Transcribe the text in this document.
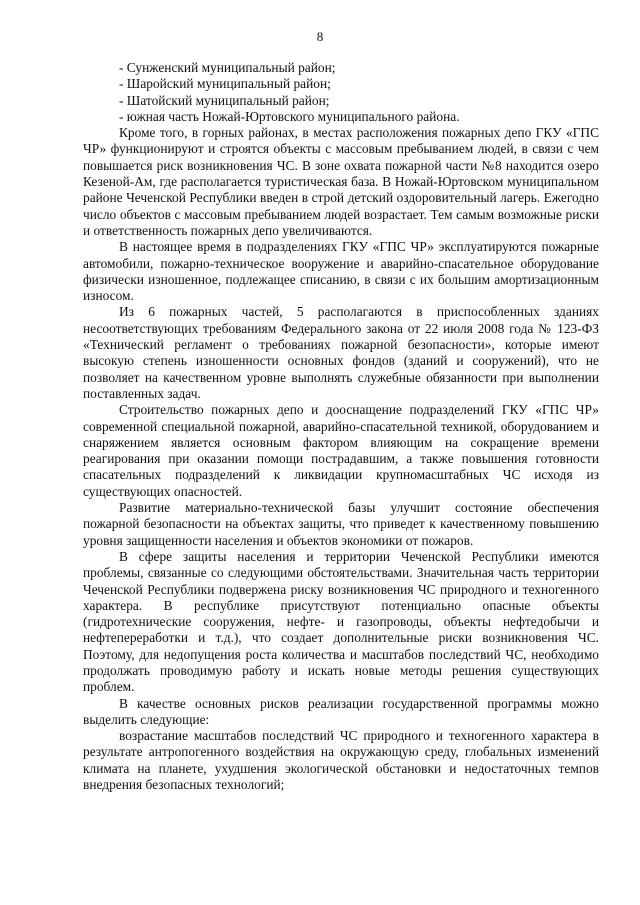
8

- Сунженский муниципальный район;

- Шаройский муниципальный район;

- Шатойский муниципальный район;

- южная часть Ножай-Юртовского муниципального района.

Кроме того, в горных районах, в местах расположения пожарных депо ГКУ «ГПС ЧР» функционируют и строятся объекты с массовым пребыванием людей, в связи с чем повышается риск возникновения ЧС. В зоне охвата пожарной части №8 находится озеро Кезеной-Ам, где располагается туристическая база. В Ножай-Юртовском муниципальном районе Чеченской Республики введен в строй детский оздоровительный лагерь. Ежегодно число объектов с массовым пребыванием людей возрастает. Тем самым возможные риски и ответственность пожарных депо увеличиваются.

В настоящее время в подразделениях ГКУ «ГПС ЧР» эксплуатируются пожарные автомобили, пожарно-техническое вооружение и аварийно-спасательное оборудование физически изношенное, подлежащее списанию, в связи с их большим амортизационным износом.

Из 6 пожарных частей, 5 располагаются в приспособленных зданиях несоответствующих требованиям Федерального закона от 22 июля 2008 года № 123-ФЗ «Технический регламент о требованиях пожарной безопасности», которые имеют высокую степень изношенности основных фондов (зданий и сооружений), что не позволяет на качественном уровне выполнять служебные обязанности при выполнении поставленных задач.

Строительство пожарных депо и дооснащение подразделений ГКУ «ГПС ЧР» современной специальной пожарной, аварийно-спасательной техникой, оборудованием и снаряжением является основным фактором влияющим на сокращение времени реагирования при оказании помощи пострадавшим, а также повышения готовности спасательных подразделений к ликвидации крупномасштабных ЧС исходя из существующих опасностей.

Развитие материально-технической базы улучшит состояние обеспечения пожарной безопасности на объектах защиты, что приведет к качественному повышению уровня защищенности населения и объектов экономики от пожаров.

В сфере защиты населения и территории Чеченской Республики имеются проблемы, связанные со следующими обстоятельствами. Значительная часть территории Чеченской Республики подвержена риску возникновения ЧС природного и техногенного характера. В республике присутствуют потенциально опасные объекты (гидротехнические сооружения, нефте- и газопроводы, объекты нефтедобычи и нефтепереработки и т.д.), что создает дополнительные риски возникновения ЧС. Поэтому, для недопущения роста количества и масштабов последствий ЧС, необходимо продолжать проводимую работу и искать новые методы решения существующих проблем.

В качестве основных рисков реализации государственной программы можно выделить следующие:

возрастание масштабов последствий ЧС природного и техногенного характера в результате антропогенного воздействия на окружающую среду, глобальных изменений климата на планете, ухудшения экологической обстановки и недостаточных темпов внедрения безопасных технологий;
